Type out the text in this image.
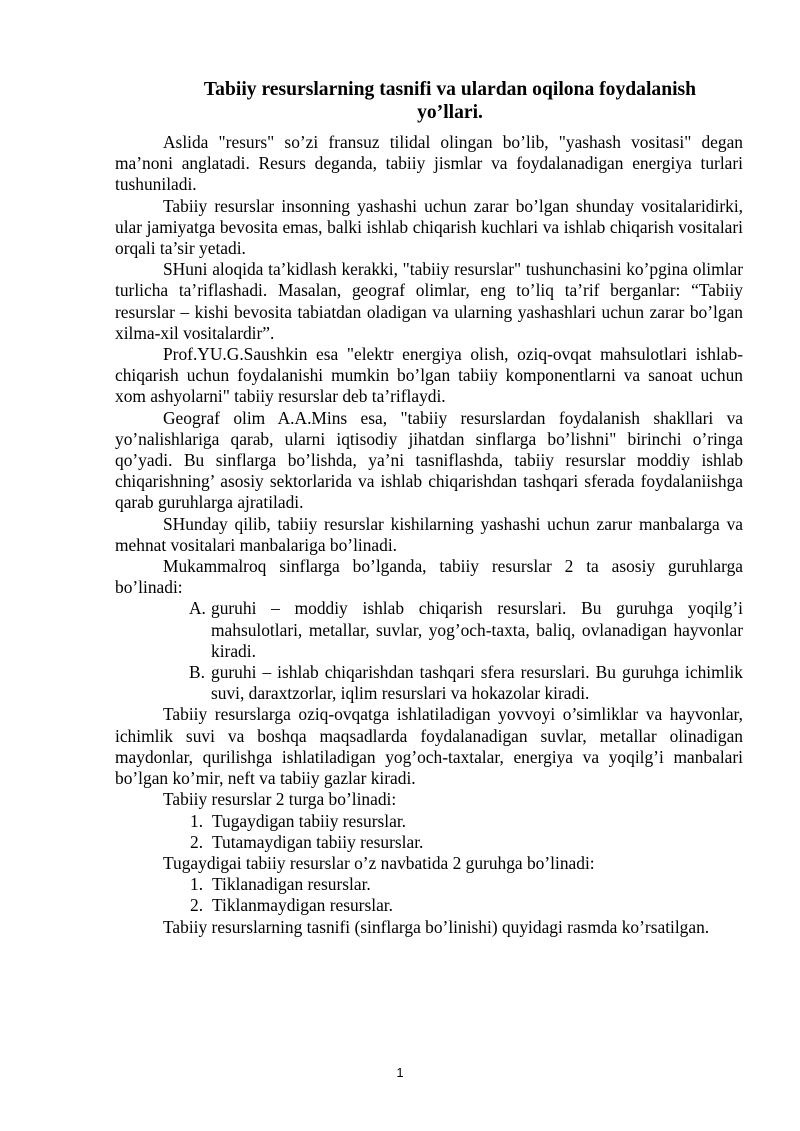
Tabiiy resurslarning tasnifi va ulardan oqilona foydalanish yo’llari.

Aslida "resurs" so’zi fransuz tilidal olingan bo’lib, "yashash vositasi" degan ma’noni anglatadi. Resurs deganda, tabiiy jismlar va foydalanadigan energiya turlari tushuniladi.

Tabiiy resurslar insonning yashashi uchun zarar bo’lgan shunday vositalaridirki, ular jamiyatga bevosita emas, balki ishlab chiqarish kuchlari va ishlab chiqarish vositalari orqali ta’sir yetadi.

SHuni aloqida ta’kidlash kerakki, "tabiiy resurslar" tushunchasini ko’pgina olimlar turlicha ta’riflashadi. Masalan, geograf olimlar, eng to’liq ta’rif berganlar: “Tabiiy resurslar – kishi bevosita tabiatdan oladigan va ularning yashashlari uchun zarar bo’lgan xilma-xil vositalardir”.

Prof.YU.G.Saushkin esa "elektr energiya olish, oziq-ovqat mahsulotlari ishlab-chiqarish uchun foydalanishi mumkin bo’lgan tabiiy komponentlarni va sanoat uchun xom ashyolarni" tabiiy resurslar deb ta’riflaydi.

Geograf olim A.A.Mins esa, "tabiiy resurslardan foydalanish shakllari va yo’nalishlariga qarab, ularni iqtisodiy jihatdan sinflarga bo’lishni" birinchi o’ringa qo’yadi. Bu sinflarga bo’lishda, ya’ni tasniflashda, tabiiy resurslar moddiy ishlab chiqarishning’ asosiy sektorlarida va ishlab chiqarishdan tashqari sferada foydalaniishga qarab guruhlarga ajratiladi.

SHunday qilib, tabiiy resurslar kishilarning yashashi uchun zarur manbalarga va mehnat vositalari manbalariga bo’linadi.

Mukammalroq sinflarga bo’lganda, tabiiy resurslar 2 ta asosiy guruhlarga bo’linadi:

A. guruhi – moddiy ishlab chiqarish resurslari. Bu guruhga yoqilg’i mahsulotlari, metallar, suvlar, yog’och-taxta, baliq, ovlanadigan hayvonlar kiradi.
B. guruhi – ishlab chiqarishdan tashqari sfera resurslari. Bu guruhga ichimlik suvi, daraxtzorlar, iqlim resurslari va hokazolar kiradi.

Tabiiy resurslarga oziq-ovqatga ishlatiladigan yovvoyi o’simliklar va hayvonlar, ichimlik suvi va boshqa maqsadlarda foydalanadigan suvlar, metallar olinadigan maydonlar, qurilishga ishlatiladigan yog’och-taxtalar, energiya va yoqilg’i manbalari bo’lgan ko’mir, neft va tabiiy gazlar kiradi.

Tabiiy resurslar 2 turga bo’linadi:

1. Tugaydigan tabiiy resurslar.
2. Tutamaydigan tabiiy resurslar.

Tugaydigai tabiiy resurslar o’z navbatida 2 guruhga bo’linadi:

1. Tiklanadigan resurslar.
2. Tiklanmaydigan resurslar.

Tabiiy resurslarning tasnifi (sinflarga bo’linishi) quyidagi rasmda ko’rsatilgan.

1
